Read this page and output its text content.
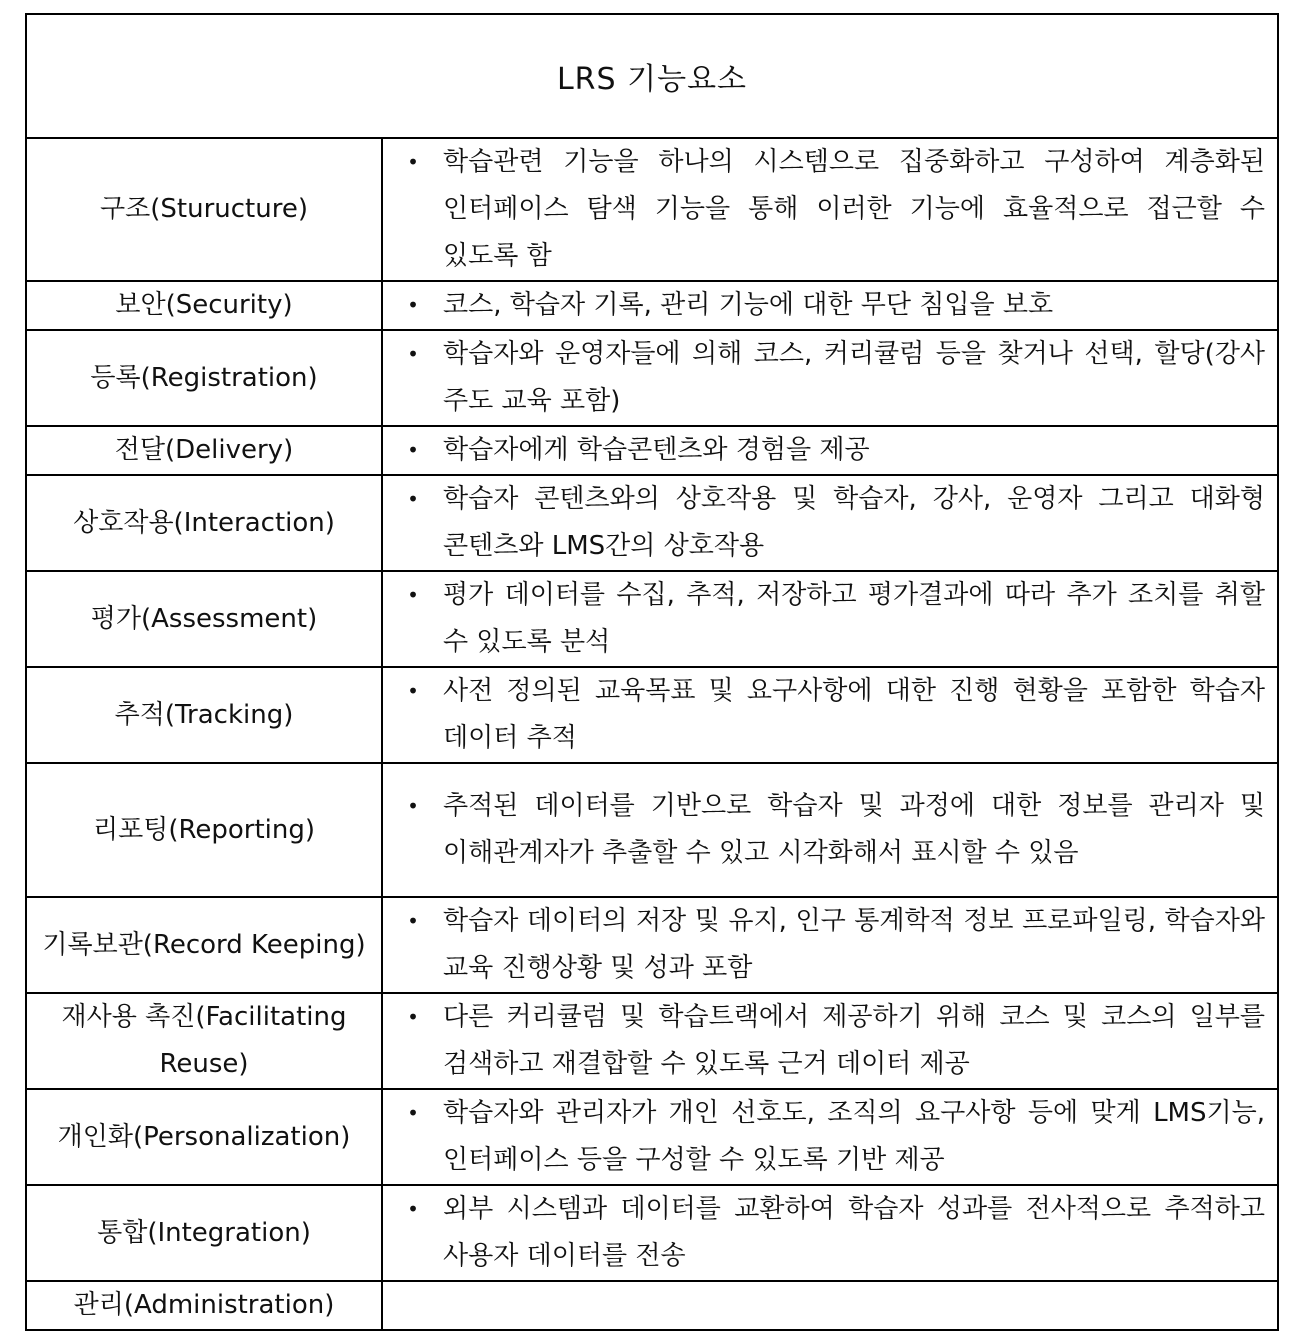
LRS 기능요소	
구조(Sturucture)	• 학습관련 기능을 하나의 시스템으로 집중화하고 구성하여 계층화된 인터페이스 탐색 기능을 통해 이러한 기능에 효율적으로 접근할 수 있도록 함

보안(Security)	• 코스, 학습자 기록, 관리 기능에 대한 무단 침입을 보호

등록(Registration)	• 학습자와 운영자들에 의해 코스, 커리큘럼 등을 찾거나 선택, 할당(강사 주도 교육 포함)

전달(Delivery)	• 학습자에게 학습콘텐츠와 경험을 제공

상호작용(Interaction)	• 학습자 콘텐츠와의 상호작용 및 학습자, 강사, 운영자 그리고 대화형 콘텐츠와 LMS간의 상호작용

평가(Assessment)	• 평가 데이터를 수집, 추적, 저장하고 평가결과에 따라 추가 조치를 취할 수 있도록 분석

추적(Tracking)	• 사전 정의된 교육목표 및 요구사항에 대한 진행 현황을 포함한 학습자 데이터 추적

리포팅(Reporting)	• 추적된 데이터를 기반으로 학습자 및 과정에 대한 정보를 관리자 및 이해관계자가 추출할 수 있고 시각화해서 표시할 수 있음

기록보관(Record Keeping)	• 학습자 데이터의 저장 및 유지, 인구 통계학적 정보 프로파일링, 학습자와 교육 진행상황 및 성과 포함

재사용 촉진(Facilitating Reuse)	• 다른 커리큘럼 및 학습트랙에서 제공하기 위해 코스 및 코스의 일부를 검색하고 재결합할 수 있도록 근거 데이터 제공

개인화(Personalization)	• 학습자와 관리자가 개인 선호도, 조직의 요구사항 등에 맞게 LMS기능, 인터페이스 등을 구성할 수 있도록 기반 제공

통합(Integration)	• 외부 시스템과 데이터를 교환하여 학습자 성과를 전사적으로 추적하고 사용자 데이터를 전송

관리(Administration)	
